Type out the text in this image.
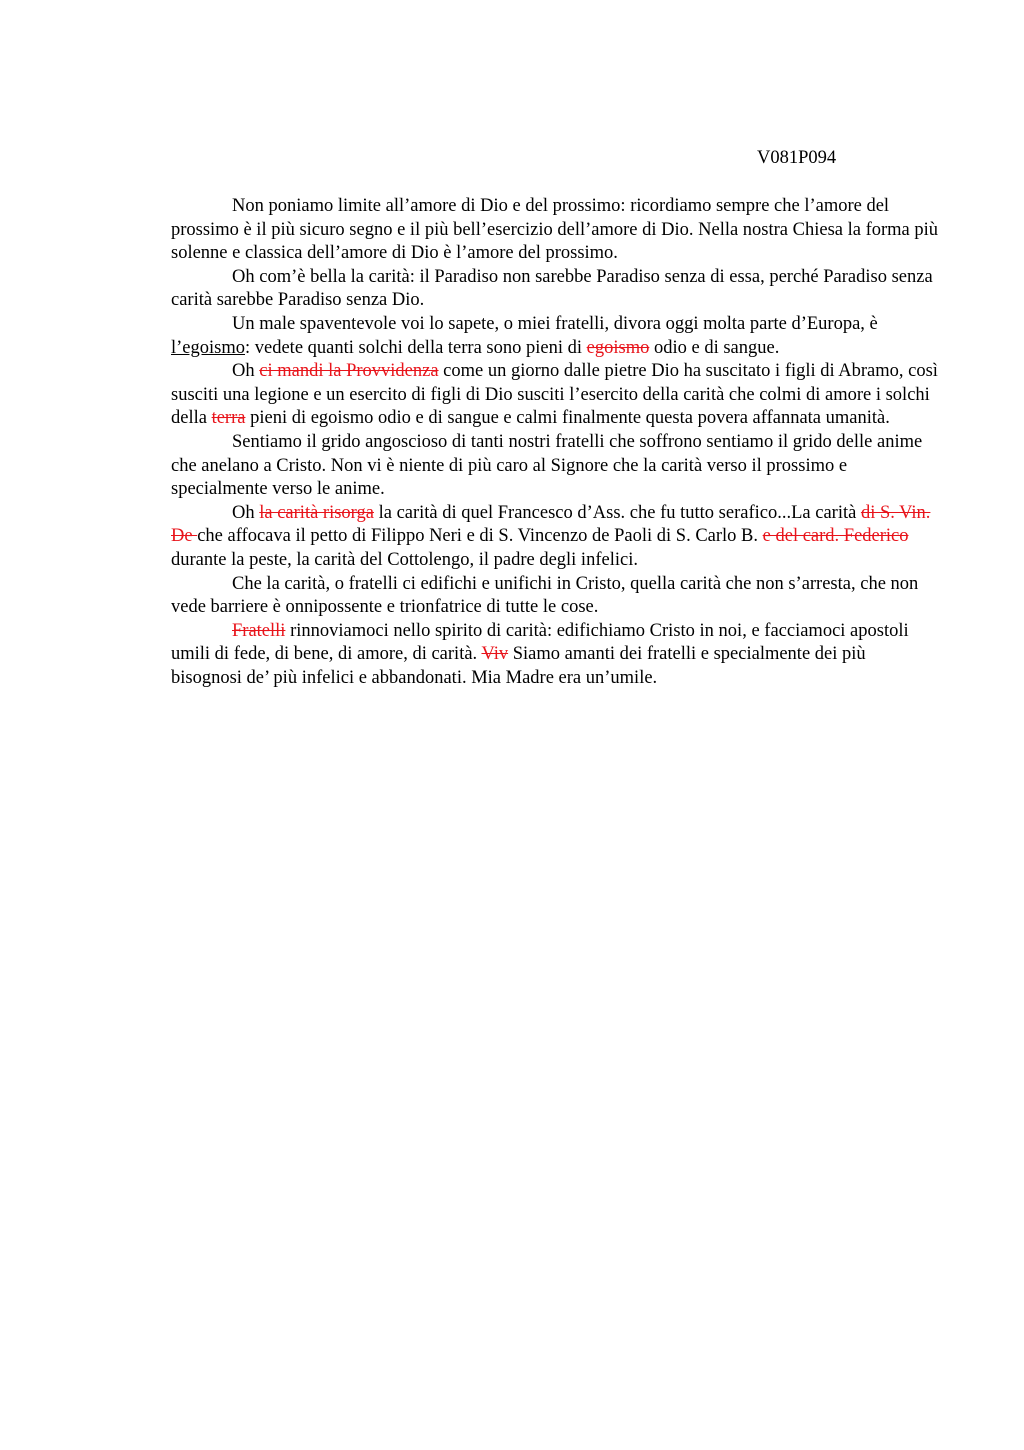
V081P094

Non poniamo limite all’amore di Dio e del prossimo: ricordiamo sempre che l’amore del prossimo è il più sicuro segno e il più bell’esercizio dell’amore di Dio. Nella nostra Chiesa la forma più solenne e classica dell’amore di Dio è l’amore del prossimo.

Oh com’è bella la carità: il Paradiso non sarebbe Paradiso senza di essa, perché Paradiso senza carità sarebbe Paradiso senza Dio.

Un male spaventevole voi lo sapete, o miei fratelli, divora oggi molta parte d’Europa, è l’egoismo: vedete quanti solchi della terra sono pieni di egoismo odio e di sangue.

Oh ci mandi la Provvidenza come un giorno dalle pietre Dio ha suscitato i figli di Abramo, così susciti una legione e un esercito di figli di Dio susciti l’esercito della carità che colmi di amore i solchi della terra pieni di egoismo odio e di sangue e calmi finalmente questa povera affannata umanità.

Sentiamo il grido angoscioso di tanti nostri fratelli che soffrono sentiamo il grido delle anime che anelano a Cristo. Non vi è niente di più caro al Signore che la carità verso il prossimo e specialmente verso le anime.

Oh la carità risorga la carità di quel Francesco d’Ass. che fu tutto serafico...La carità di S. Vin. De che affocava il petto di Filippo Neri e di S. Vincenzo de Paoli di S. Carlo B. e del card. Federico durante la peste, la carità del Cottolengo, il padre degli infelici.

Che la carità, o fratelli ci edifichi e unifichi in Cristo, quella carità che non s’arresta, che non vede barriere è onnipossente e trionfatrice di tutte le cose.

Fratelli rinnoviamoci nello spirito di carità: edifichiamo Cristo in noi, e facciamoci apostoli umili di fede, di bene, di amore, di carità. Viv Siamo amanti dei fratelli e specialmente dei più bisognosi de’ più infelici e abbandonati. Mia Madre era un’umile.
